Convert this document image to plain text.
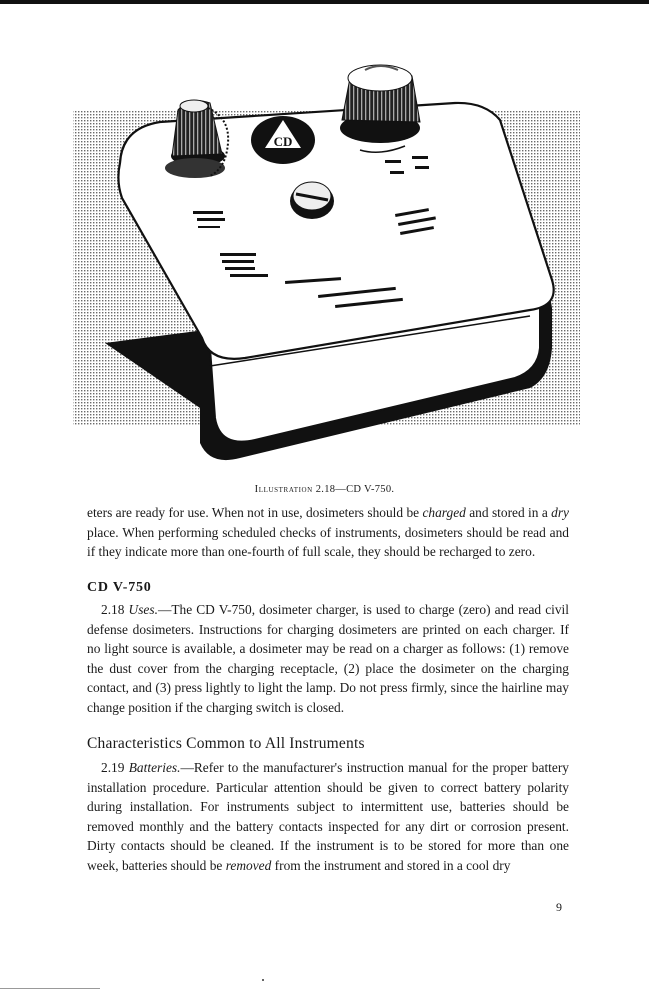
CD
Illustration 2.18—CD V-750.

eters are ready for use. When not in use, dosimeters should be charged and stored in a dry place. When performing scheduled checks of instruments, dosimeters should be read and if they indicate more than one-fourth of full scale, they should be recharged to zero.

CD V-750

2.18 Uses.—The CD V-750, dosimeter charger, is used to charge (zero) and read civil defense dosimeters. Instructions for charging dosimeters are printed on each charger. If no light source is available, a dosimeter may be read on a charger as follows: (1) remove the dust cover from the charging receptacle, (2) place the dosimeter on the charging contact, and (3) press lightly to light the lamp. Do not press firmly, since the hairline may change position if the charging switch is closed.

Characteristics Common to All Instruments

2.19 Batteries.—Refer to the manufacturer's instruction manual for the proper battery installation procedure. Particular attention should be given to correct battery polarity during installation. For instruments subject to intermittent use, batteries should be removed monthly and the battery contacts inspected for any dirt or corrosion present. Dirty contacts should be cleaned. If the instrument is to be stored for more than one week, batteries should be removed from the instrument and stored in a cool dry

9
